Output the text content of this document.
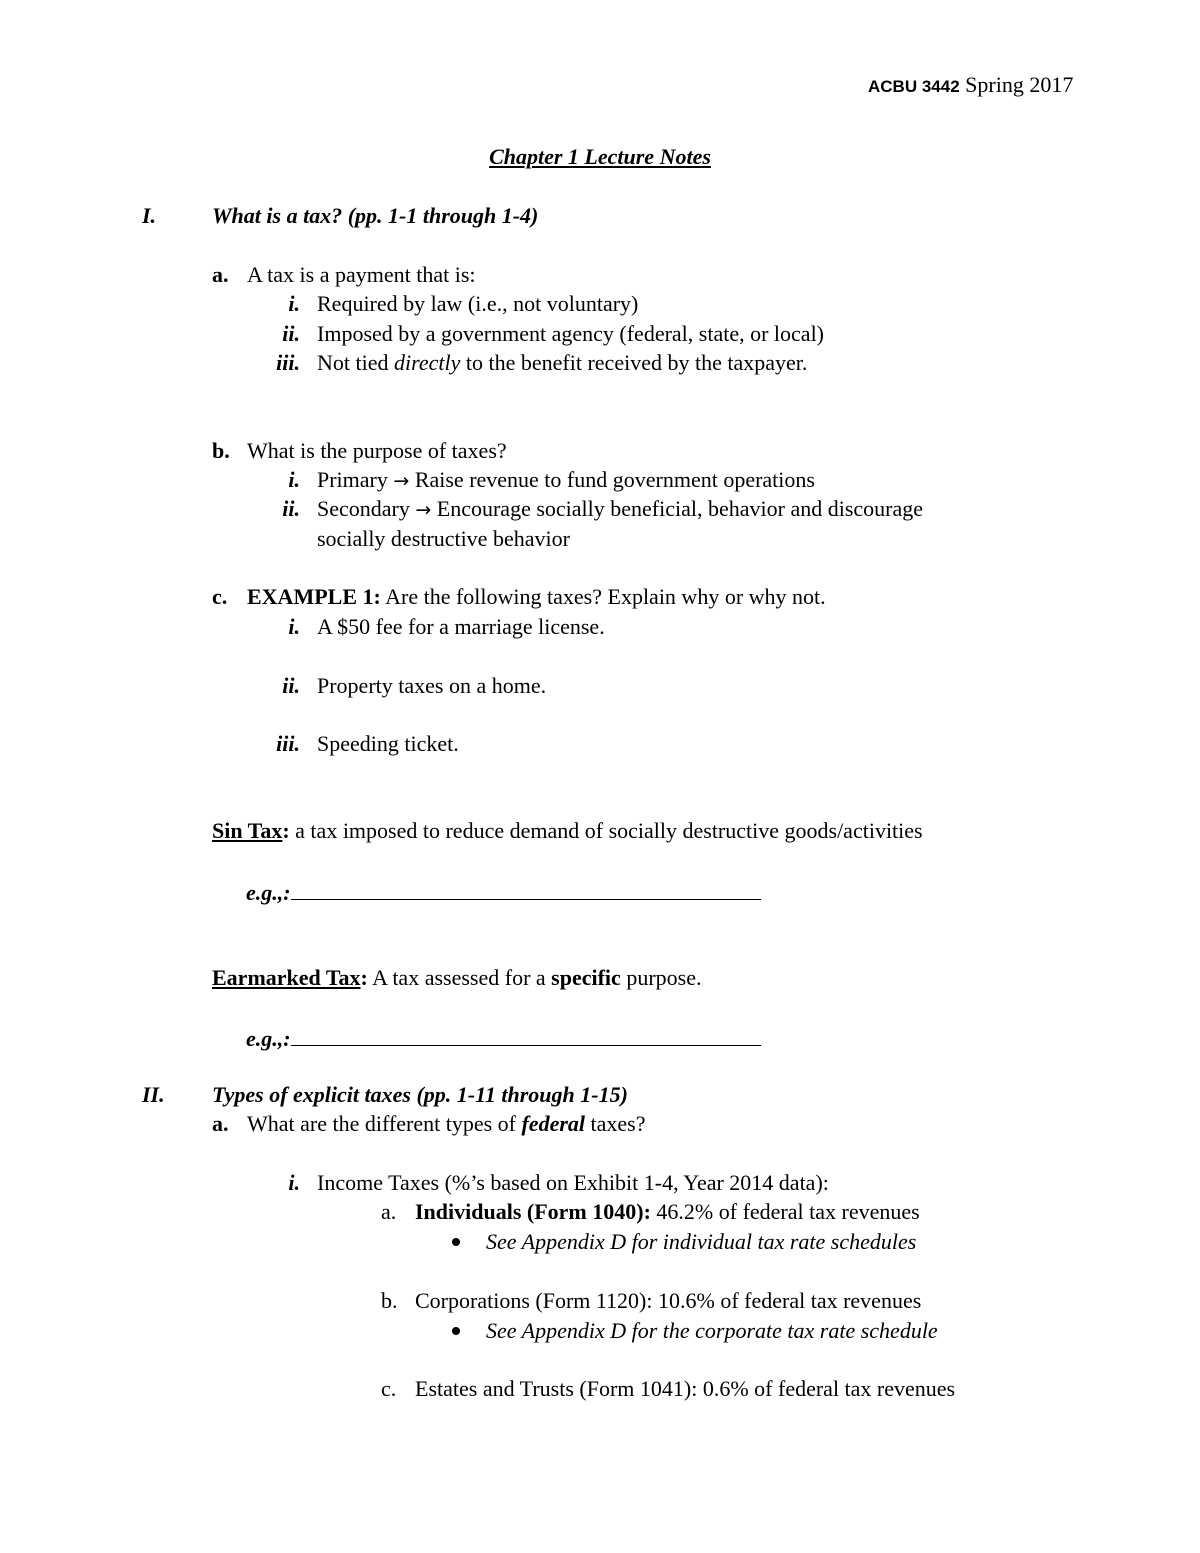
ACBU 3442 Spring 2017
Chapter 1 Lecture Notes
I.	What is a tax? (pp. 1-1 through 1-4)
a. A tax is a payment that is:
i. Required by law (i.e., not voluntary)
ii. Imposed by a government agency (federal, state, or local)
iii. Not tied directly to the benefit received by the taxpayer.
b. What is the purpose of taxes?
i. Primary → Raise revenue to fund government operations
ii. Secondary → Encourage socially beneficial, behavior and discourage
socially destructive behavior
c. EXAMPLE 1: Are the following taxes? Explain why or why not.
i. A $50 fee for a marriage license.
ii. Property taxes on a home.
iii. Speeding ticket.
Sin Tax: a tax imposed to reduce demand of socially destructive goods/activities
e.g.,:
Earmarked Tax: A tax assessed for a specific purpose.
e.g.,:
II. Types of explicit taxes (pp. 1-11 through 1-15)
a. What are the different types of federal taxes?
i. Income Taxes (%’s based on Exhibit 1-4, Year 2014 data):
a. Individuals (Form 1040): 46.2% of federal tax revenues
See Appendix D for individual tax rate schedules
b. Corporations (Form 1120): 10.6% of federal tax revenues
See Appendix D for the corporate tax rate schedule
c. Estates and Trusts (Form 1041): 0.6% of federal tax revenues
